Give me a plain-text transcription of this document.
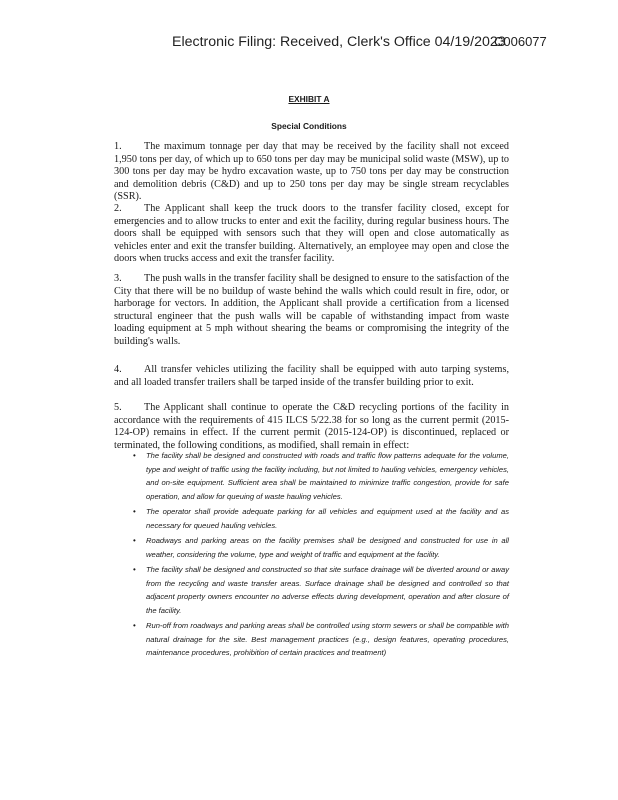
Electronic Filing: Received, Clerk's Office 04/19/2023
C006077
EXHIBIT A
Special Conditions

1. The maximum tonnage per day that may be received by the facility shall not exceed 1,950 tons per day, of which up to 650 tons per day may be municipal solid waste (MSW), up to 300 tons per day may be hydro excavation waste, up to 750 tons per day may be construction and demolition debris (C&D) and up to 250 tons per day may be single stream recyclables (SSR).

2. The Applicant shall keep the truck doors to the transfer facility closed, except for emergencies and to allow trucks to enter and exit the facility, during regular business hours. The doors shall be equipped with sensors such that they will open and close automatically as vehicles enter and exit the transfer building. Alternatively, an employee may open and close the doors when trucks access and exit the transfer facility.

3. The push walls in the transfer facility shall be designed to ensure to the satisfaction of the City that there will be no buildup of waste behind the walls which could result in fire, odor, or harborage for vectors. In addition, the Applicant shall provide a certification from a licensed structural engineer that the push walls will be capable of withstanding impact from waste loading equipment at 5 mph without shearing the beams or compromising the integrity of the building's walls.

4. All transfer vehicles utilizing the facility shall be equipped with auto tarping systems, and all loaded transfer trailers shall be tarped inside of the transfer building prior to exit.

5. The Applicant shall continue to operate the C&D recycling portions of the facility in accordance with the requirements of 415 ILCS 5/22.38 for so long as the current permit (2015-124-OP) remains in effect. If the current permit (2015-124-OP) is discontinued, replaced or terminated, the following conditions, as modified, shall remain in effect:

• The facility shall be designed and constructed with roads and traffic flow patterns adequate for the volume, type and weight of traffic using the facility including, but not limited to hauling vehicles, emergency vehicles, and on-site equipment. Sufficient area shall be maintained to minimize traffic congestion, provide for safe operation, and allow for queuing of waste hauling vehicles.
• The operator shall provide adequate parking for all vehicles and equipment used at the facility and as necessary for queued hauling vehicles.
• Roadways and parking areas on the facility premises shall be designed and constructed for use in all weather, considering the volume, type and weight of traffic and equipment at the facility.
• The facility shall be designed and constructed so that site surface drainage will be diverted around or away from the recycling and waste transfer areas. Surface drainage shall be designed and controlled so that adjacent property owners encounter no adverse effects during development, operation and after closure of the facility.
• Run-off from roadways and parking areas shall be controlled using storm sewers or shall be compatible with natural drainage for the site. Best management practices (e.g., design features, operating procedures, maintenance procedures, prohibition of certain practices and treatment)
